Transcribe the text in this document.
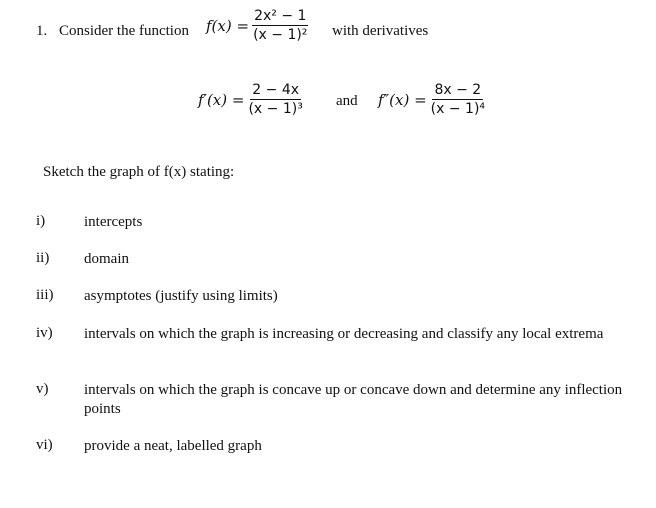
1. Consider the function $f(x) = \frac{\text{2x² − 1}}{\text{(x − 1)²}}$ with derivatives
$f'(x) = \frac{2 - 4x}{\text{(x − 1)³}}$ and $f''(x) = \frac{8x - 2}{\text{(x − 1)⁴}}$
Sketch the graph of f(x) stating:
i)	intercepts
ii) domain
iii) asymptotes (justify using limits)
iv) intervals on which the graph is increasing or decreasing and classify any local extrema
v) intervals on which the graph is concave up or concave down and determine any inflection points
vi) provide a neat, labelled graph
